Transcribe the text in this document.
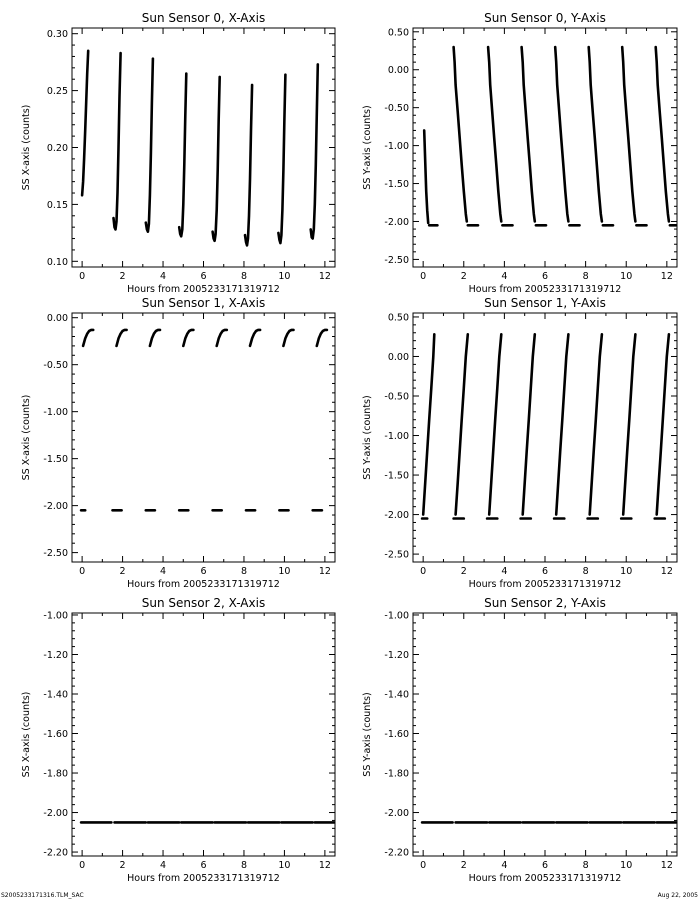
Sun Sensor 0, X-Axis
Hours from 2005233171319712
SS X-axis (counts)
0	2	4	6	8	10	12
0.10
0.15
0.20
0.25
0.30
Sun Sensor 0, Y-Axis
Hours from 2005233171319712
SS Y-axis (counts)
0	2	4	6	8	10	12
-2.50
-2.00
-1.50
-1.00
-0.50
0.00
0.50
Sun Sensor 1, X-Axis
Hours from 2005233171319712
SS X-axis (counts)
0	2	4	6	8	10	12
-2.50
-2.00
-1.50
-1.00
-0.50
0.00
Sun Sensor 1, Y-Axis
Hours from 2005233171319712
SS Y-axis (counts)
0	2	4	6	8	10	12
-2.50
-2.00
-1.50
-1.00
-0.50
0.00
0.50
Sun Sensor 2, X-Axis
Hours from 2005233171319712
SS X-axis (counts)
0	2	4	6	8	10	12
-2.20
-2.00
-1.80
-1.60
-1.40
-1.20
-1.00
Sun Sensor 2, Y-Axis
Hours from 2005233171319712
SS Y-axis (counts)
0	2	4	6	8	10	12
-2.20
-2.00
-1.80
-1.60
-1.40
-1.20
-1.00
S2005233171316.TLM_SAC	Aug 22, 2005
